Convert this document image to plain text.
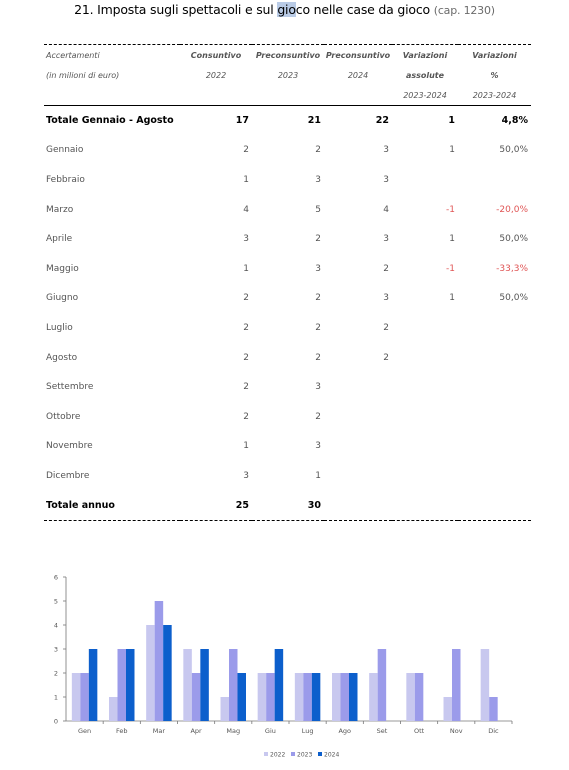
21. Imposta sugli spettacoli e sul gioco nelle case da gioco (cap. 1230)
Accertamenti	Consuntivo	Preconsuntivo	Preconsuntivo	Variazioni	Variazioni
(in milioni di euro)	2022	2023	2024	assolute	%
				2023-2024	2023-2024
Totale Gennaio - Agosto	17	21	22	1	4,8%
Gennaio	2	2	3	1	50,0%
Febbraio	1	3	3		
Marzo	4	5	4	-1	-20,0%
Aprile	3	2	3	1	50,0%
Maggio	1	3	2	-1	-33,3%
Giugno	2	2	3	1	50,0%
Luglio	2	2	2		
Agosto	2	2	2		
Settembre	2	3			
Ottobre	2	2			
Novembre	1	3			
Dicembre	3	1			
Totale annuo	25	30			
0
1
2
3
4
5
6
Gen	Feb	Mar	Apr	Mag	Giu	Lug	Ago	Set	Ott	Nov	Dic
2022 2023 2024
